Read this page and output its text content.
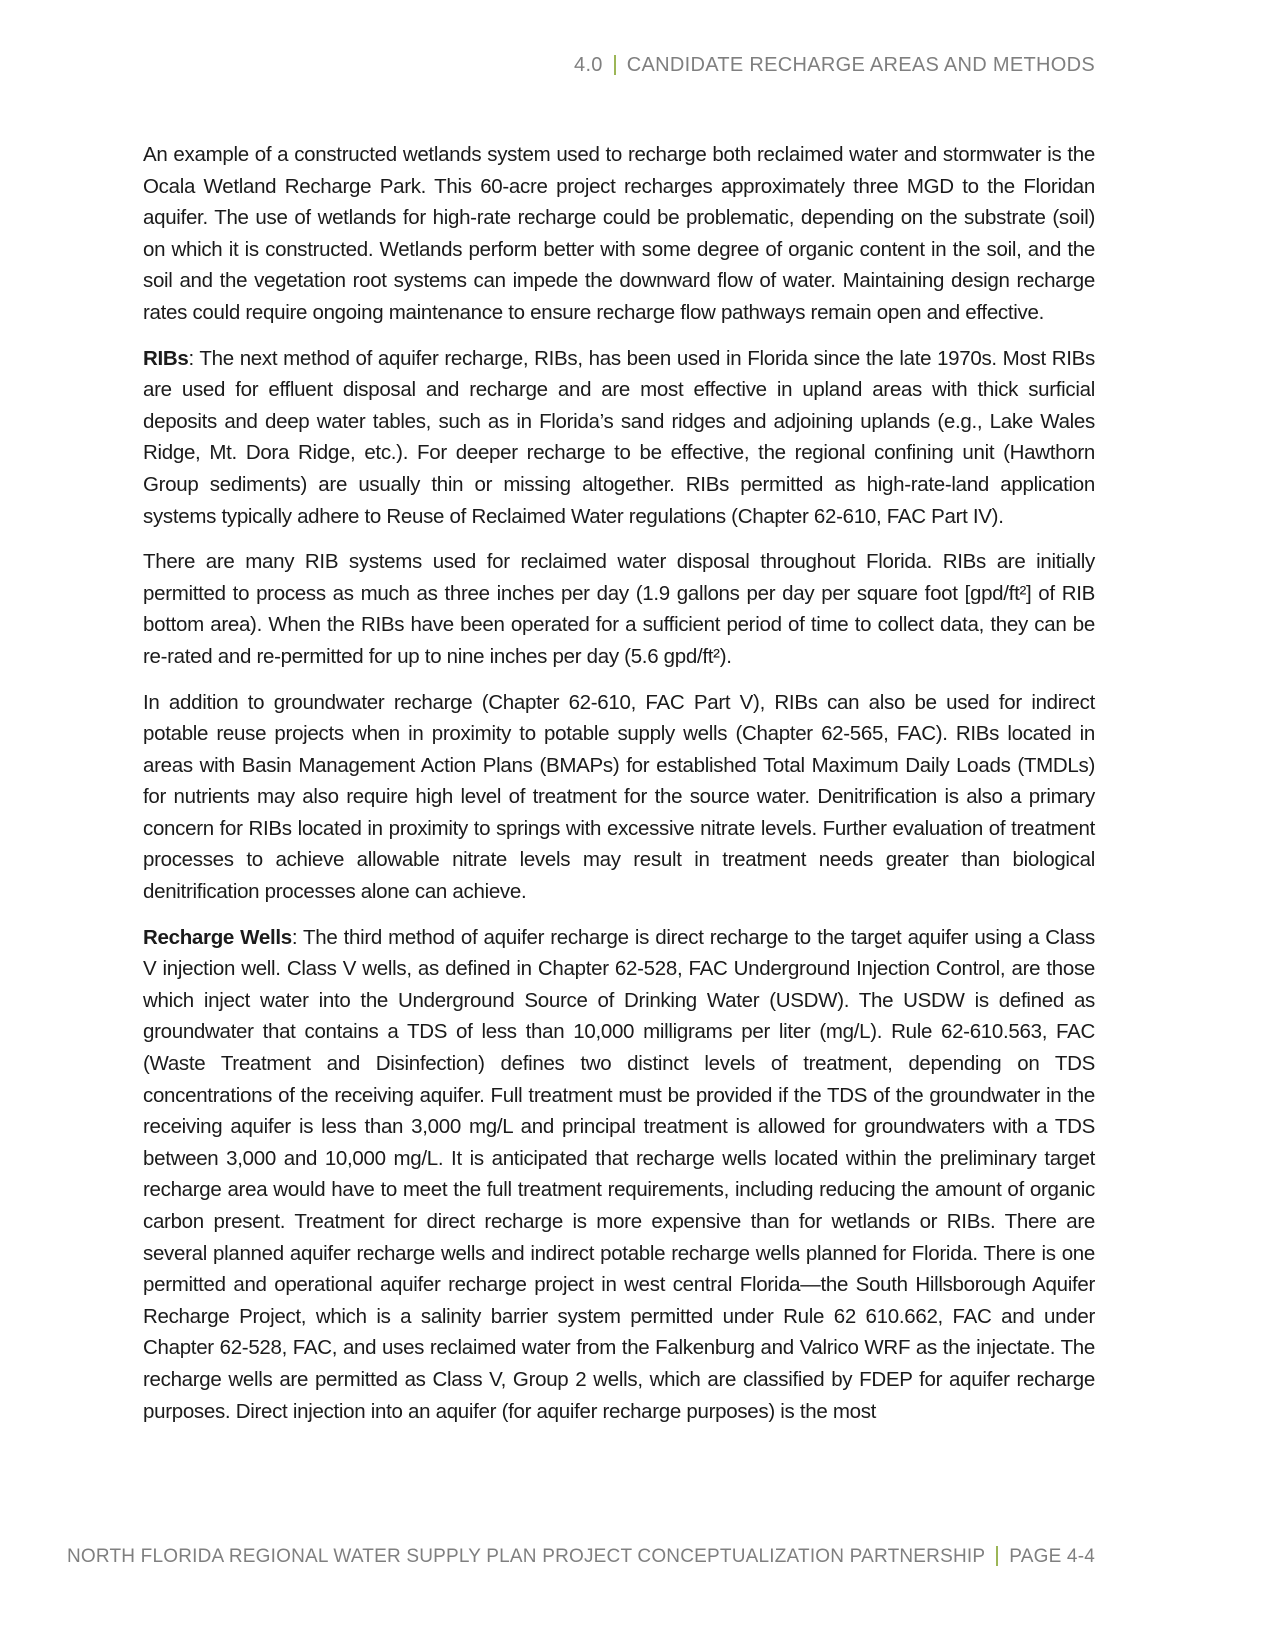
4.0 CANDIDATE RECHARGE AREAS AND METHODS

An example of a constructed wetlands system used to recharge both reclaimed water and stormwater is the Ocala Wetland Recharge Park. This 60-acre project recharges approximately three MGD to the Floridan aquifer. The use of wetlands for high-rate recharge could be problematic, depending on the substrate (soil) on which it is constructed. Wetlands perform better with some degree of organic content in the soil, and the soil and the vegetation root systems can impede the downward flow of water. Maintaining design recharge rates could require ongoing maintenance to ensure recharge flow pathways remain open and effective.

RIBs: The next method of aquifer recharge, RIBs, has been used in Florida since the late 1970s. Most RIBs are used for effluent disposal and recharge and are most effective in upland areas with thick surficial deposits and deep water tables, such as in Florida’s sand ridges and adjoining uplands (e.g., Lake Wales Ridge, Mt. Dora Ridge, etc.). For deeper recharge to be effective, the regional confining unit (Hawthorn Group sediments) are usually thin or missing altogether. RIBs permitted as high-rate-land application systems typically adhere to Reuse of Reclaimed Water regulations (Chapter 62-610, FAC Part IV).

There are many RIB systems used for reclaimed water disposal throughout Florida. RIBs are initially permitted to process as much as three inches per day (1.9 gallons per day per square foot [gpd/ft²] of RIB bottom area). When the RIBs have been operated for a sufficient period of time to collect data, they can be re-rated and re-permitted for up to nine inches per day (5.6 gpd/ft²).

In addition to groundwater recharge (Chapter 62-610, FAC Part V), RIBs can also be used for indirect potable reuse projects when in proximity to potable supply wells (Chapter 62-565, FAC). RIBs located in areas with Basin Management Action Plans (BMAPs) for established Total Maximum Daily Loads (TMDLs) for nutrients may also require high level of treatment for the source water. Denitrification is also a primary concern for RIBs located in proximity to springs with excessive nitrate levels. Further evaluation of treatment processes to achieve allowable nitrate levels may result in treatment needs greater than biological denitrification processes alone can achieve.

Recharge Wells: The third method of aquifer recharge is direct recharge to the target aquifer using a Class V injection well. Class V wells, as defined in Chapter 62-528, FAC Underground Injection Control, are those which inject water into the Underground Source of Drinking Water (USDW). The USDW is defined as groundwater that contains a TDS of less than 10,000 milligrams per liter (mg/L). Rule 62-610.563, FAC (Waste Treatment and Disinfection) defines two distinct levels of treatment, depending on TDS concentrations of the receiving aquifer. Full treatment must be provided if the TDS of the groundwater in the receiving aquifer is less than 3,000 mg/L and principal treatment is allowed for groundwaters with a TDS between 3,000 and 10,000 mg/L. It is anticipated that recharge wells located within the preliminary target recharge area would have to meet the full treatment requirements, including reducing the amount of organic carbon present. Treatment for direct recharge is more expensive than for wetlands or RIBs. There are several planned aquifer recharge wells and indirect potable recharge wells planned for Florida. There is one permitted and operational aquifer recharge project in west central Florida—the South Hillsborough Aquifer Recharge Project, which is a salinity barrier system permitted under Rule 62 610.662, FAC and under Chapter 62-528, FAC, and uses reclaimed water from the Falkenburg and Valrico WRF as the injectate. The recharge wells are permitted as Class V, Group 2 wells, which are classified by FDEP for aquifer recharge purposes. Direct injection into an aquifer (for aquifer recharge purposes) is the most

NORTH FLORIDA REGIONAL WATER SUPPLY PLAN PROJECT CONCEPTUALIZATION PARTNERSHIP PAGE 4-4
